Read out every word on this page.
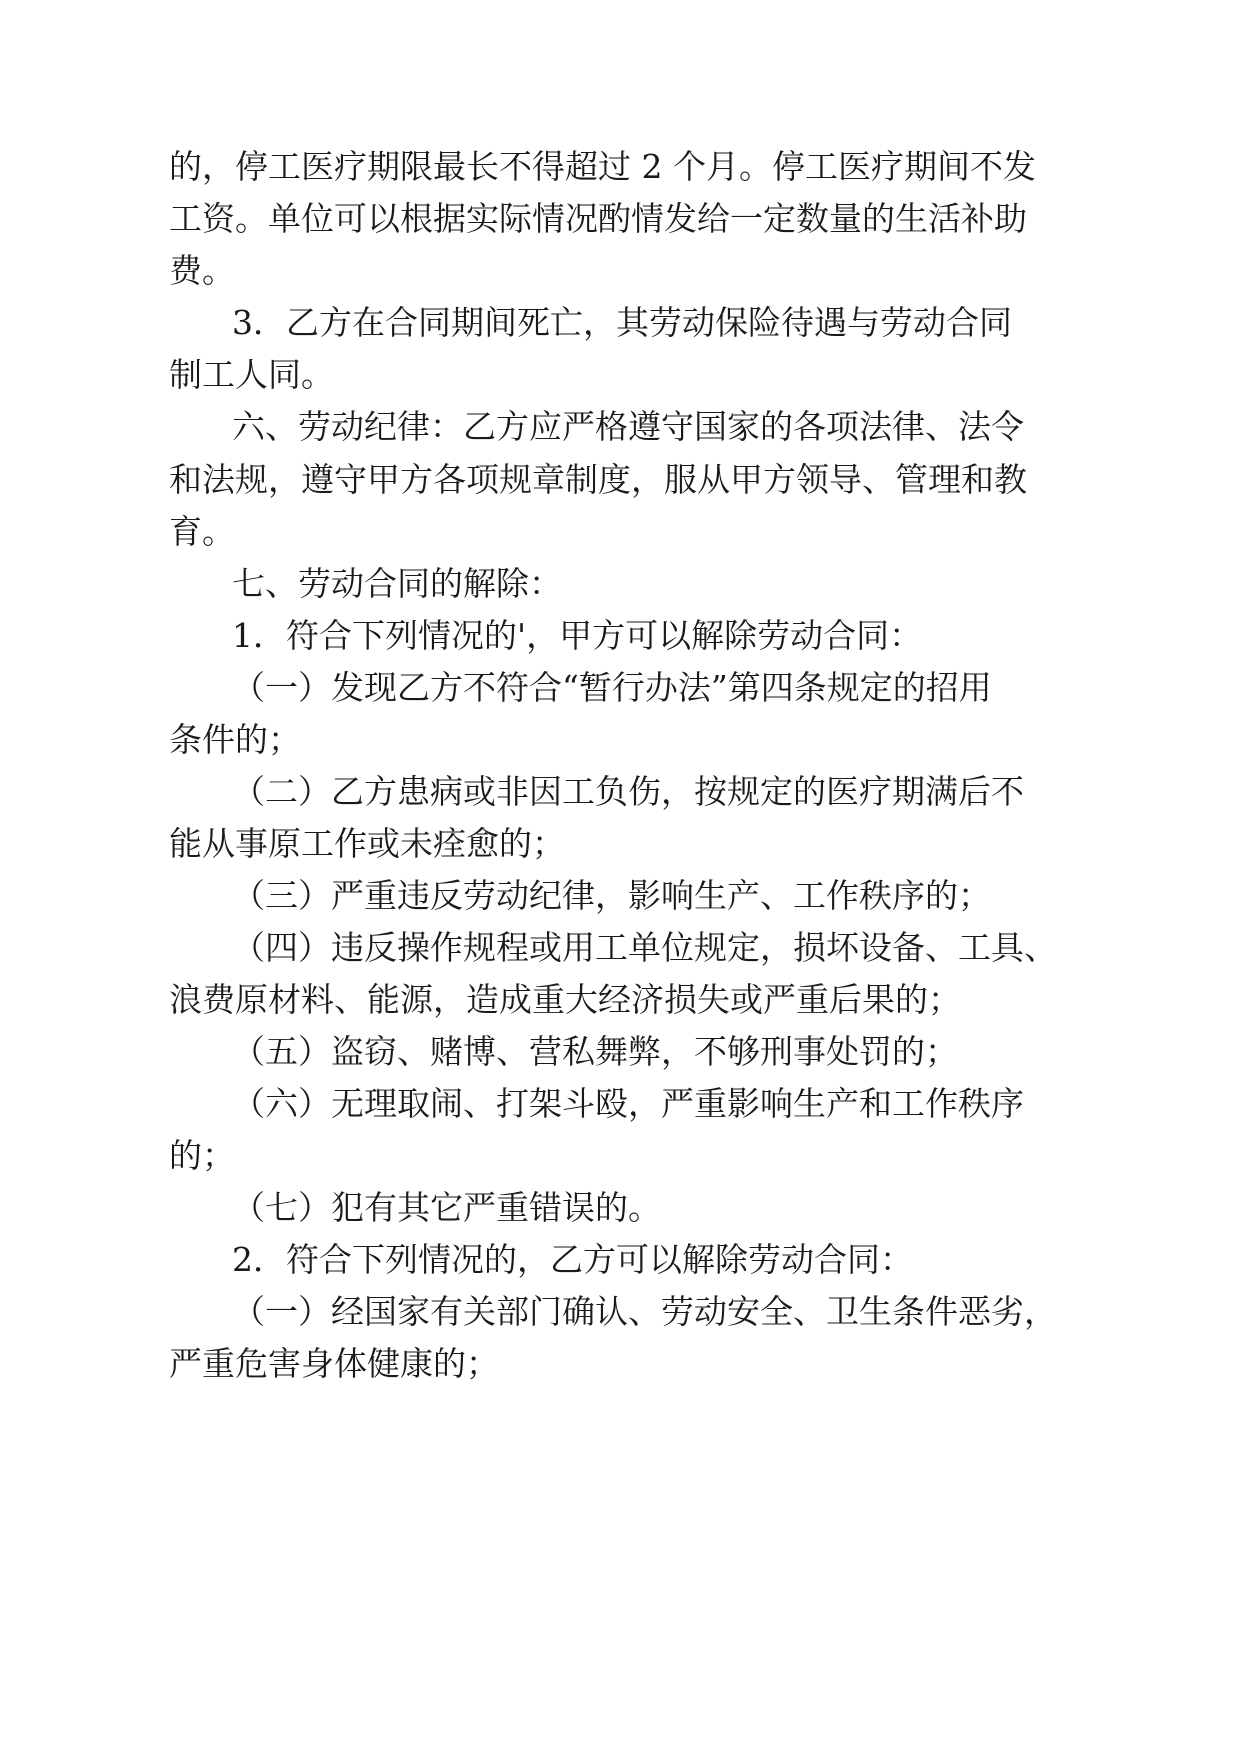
的，停工医疗期限最长不得超过 2 个月。停工医疗期间不发
工资。单位可以根据实际情况酌情发给一定数量的生活补助
费。
3．乙方在合同期间死亡，其劳动保险待遇与劳动合同
制工人同。
六、劳动纪律：乙方应严格遵守国家的各项法律、法令
和法规，遵守甲方各项规章制度，服从甲方领导、管理和教
育。
七、劳动合同的解除：
1．符合下列情况的'，甲方可以解除劳动合同：
（一）发现乙方不符合“暂行办法”第四条规定的招用
条件的；
（二）乙方患病或非因工负伤，按规定的医疗期满后不
能从事原工作或未痊愈的；
（三）严重违反劳动纪律，影响生产、工作秩序的；
（四）违反操作规程或用工单位规定，损坏设备、工具、
浪费原材料、能源，造成重大经济损失或严重后果的；
（五）盗窃、赌博、营私舞弊，不够刑事处罚的；
（六）无理取闹、打架斗殴，严重影响生产和工作秩序
的；
（七）犯有其它严重错误的。
2．符合下列情况的，乙方可以解除劳动合同：
（一）经国家有关部门确认、劳动安全、卫生条件恶劣，
严重危害身体健康的；
